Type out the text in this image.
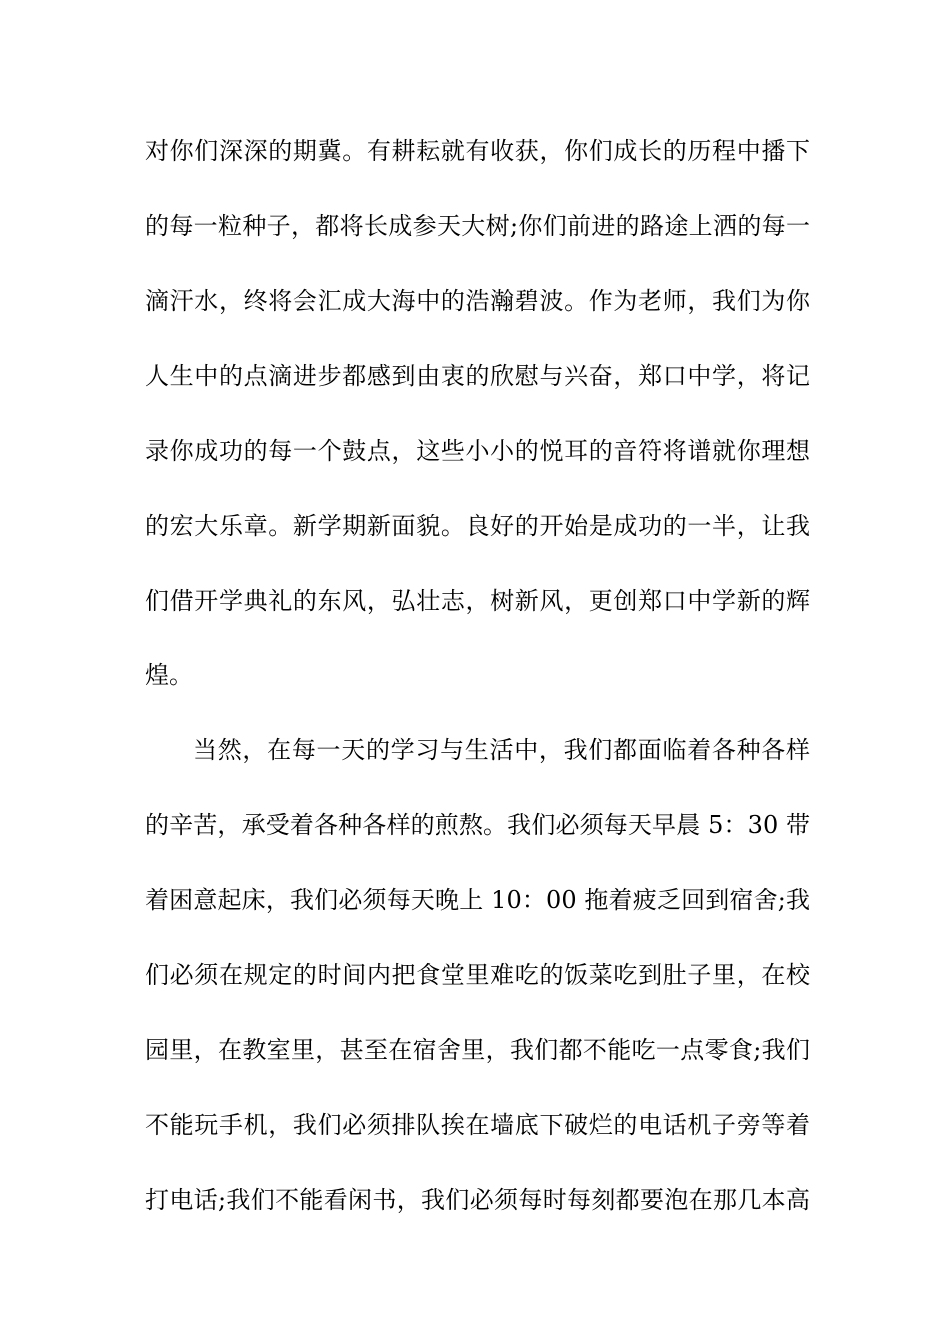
对你们深深的期冀。有耕耘就有收获，你们成长的历程中播下
的每一粒种子，都将长成参天大树;你们前进的路途上洒的每一
滴汗水，终将会汇成大海中的浩瀚碧波。作为老师，我们为你
人生中的点滴进步都感到由衷的欣慰与兴奋，郑口中学，将记
录你成功的每一个鼓点，这些小小的悦耳的音符将谱就你理想
的宏大乐章。新学期新面貌。良好的开始是成功的一半，让我
们借开学典礼的东风，弘壮志，树新风，更创郑口中学新的辉
煌。
当然，在每一天的学习与生活中，我们都面临着各种各样
的辛苦，承受着各种各样的煎熬。我们必须每天早晨 5：30 带
着困意起床，我们必须每天晚上 10：00 拖着疲乏回到宿舍;我
们必须在规定的时间内把食堂里难吃的饭菜吃到肚子里，在校
园里，在教室里，甚至在宿舍里，我们都不能吃一点零食;我们
不能玩手机，我们必须排队挨在墙底下破烂的电话机子旁等着
打电话;我们不能看闲书，我们必须每时每刻都要泡在那几本高
